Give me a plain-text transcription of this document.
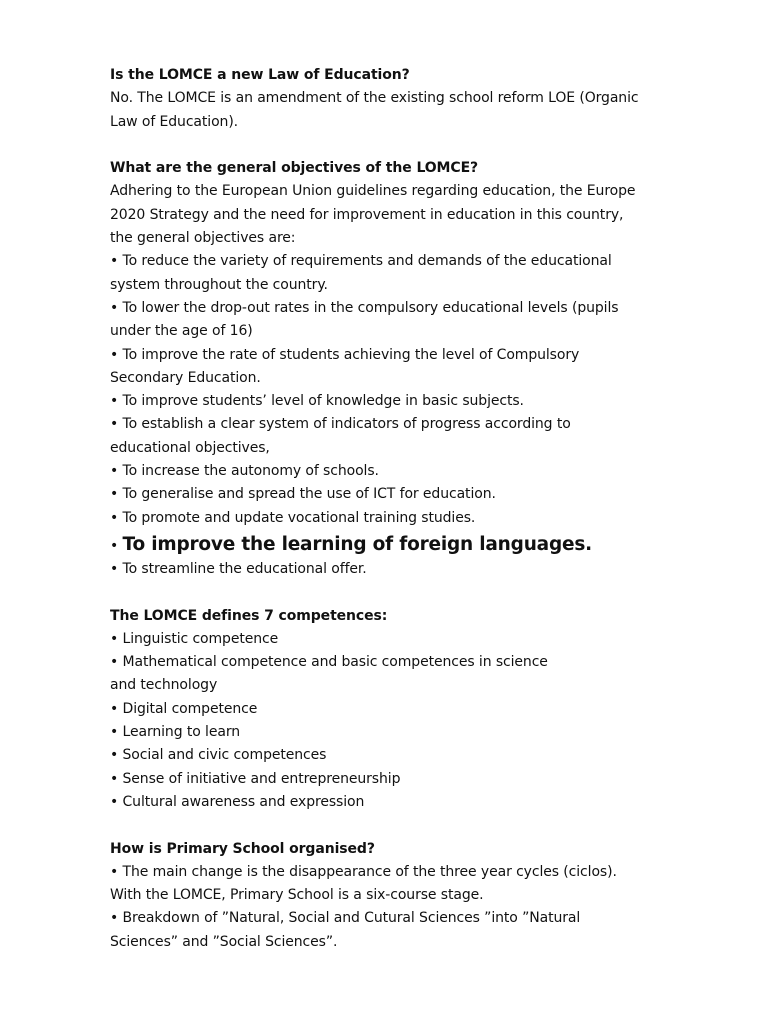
Is the LOMCE a new Law of Education?
No. The LOMCE is an amendment of the existing school reform LOE (Organic
Law of Education).
What are the general objectives of the LOMCE?
Adhering to the European Union guidelines regarding education, the Europe
2020 Strategy and the need for improvement in education in this country,
the general objectives are:
• To reduce the variety of requirements and demands of the educational
system throughout the country.
• To lower the drop-out rates in the compulsory educational levels (pupils
under the age of 16)
• To improve the rate of students achieving the level of Compulsory
Secondary Education.
• To improve students’ level of knowledge in basic subjects.
• To establish a clear system of indicators of progress according to
educational objectives,
• To increase the autonomy of schools.
• To generalise and spread the use of ICT for education.
• To promote and update vocational training studies.
• To improve the learning of foreign languages.
• To streamline the educational offer.
The LOMCE defines 7 competences:
• Linguistic competence
• Mathematical competence and basic competences in science
and technology
• Digital competence
• Learning to learn
• Social and civic competences
• Sense of initiative and entrepreneurship
• Cultural awareness and expression
How is Primary School organised?
• The main change is the disappearance of the three year cycles (ciclos).
With the LOMCE, Primary School is a six-course stage.
• Breakdown of ”Natural, Social and Cutural Sciences ”into ”Natural
Sciences” and ”Social Sciences”.
